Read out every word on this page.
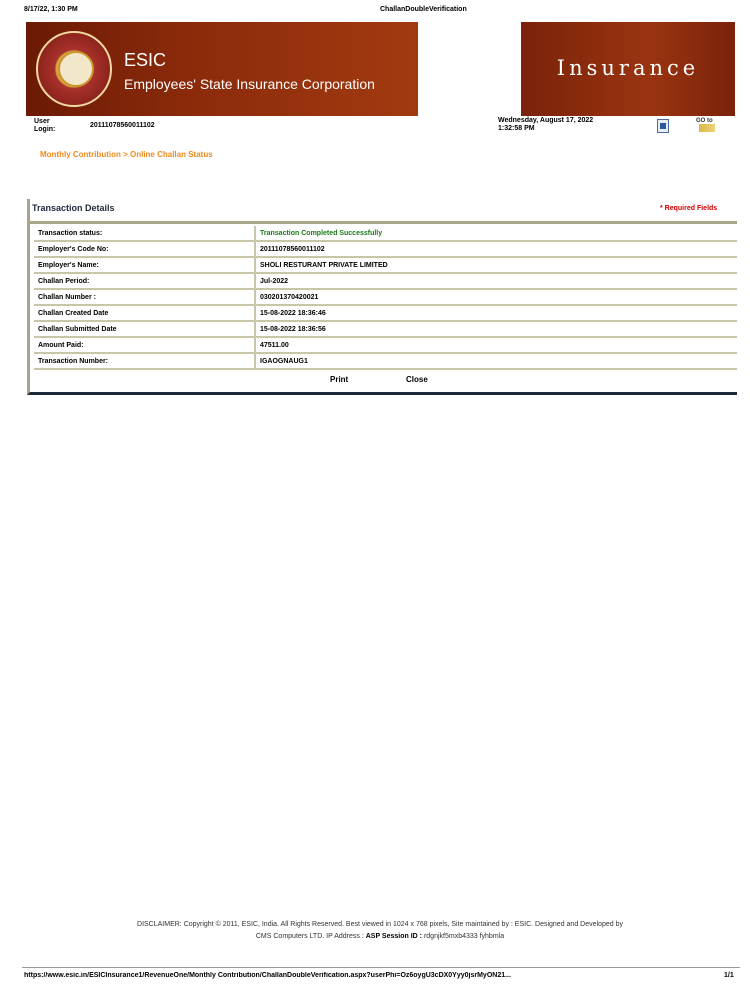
8/17/22, 1:30 PM	ChallanDoubleVerification
ESIC
Employees' State Insurance Corporation
Insurance
User Login:
20111078560011102
Wednesday, August 17, 2022
1:32:58 PM
GO to
Monthly Contribution > Online Challan Status
Transaction Details	* Required Fields
Transaction status:	Transaction Completed Successfully
Employer's Code No:	20111078560011102
Employer's Name:	SHOLI RESTURANT PRIVATE LIMITED
Challan Period:	Jul-2022
Challan Number :	030201370420021
Challan Created Date	15-08-2022 18:36:46
Challan Submitted Date	15-08-2022 18:36:56
Amount Paid:	47511.00
Transaction Number:	IGAOGNAUG1
Print	Close
DISCLAIMER: Copyright © 2011, ESIC, India. All Rights Reserved. Best viewed in 1024 x 768 pixels, Site maintained by : ESIC. Designed and Developed by
CMS Computers LTD. IP Address : ASP Session ID : rdgnjkf5mxb4333 fyhbmla
https://www.esic.in/ESICInsurance1/RevenueOne/Monthly Contribution/ChallanDoubleVerification.aspx?userPhi=Oz6oygU3cDX0Yyy0jsrMyON21...	1/1
